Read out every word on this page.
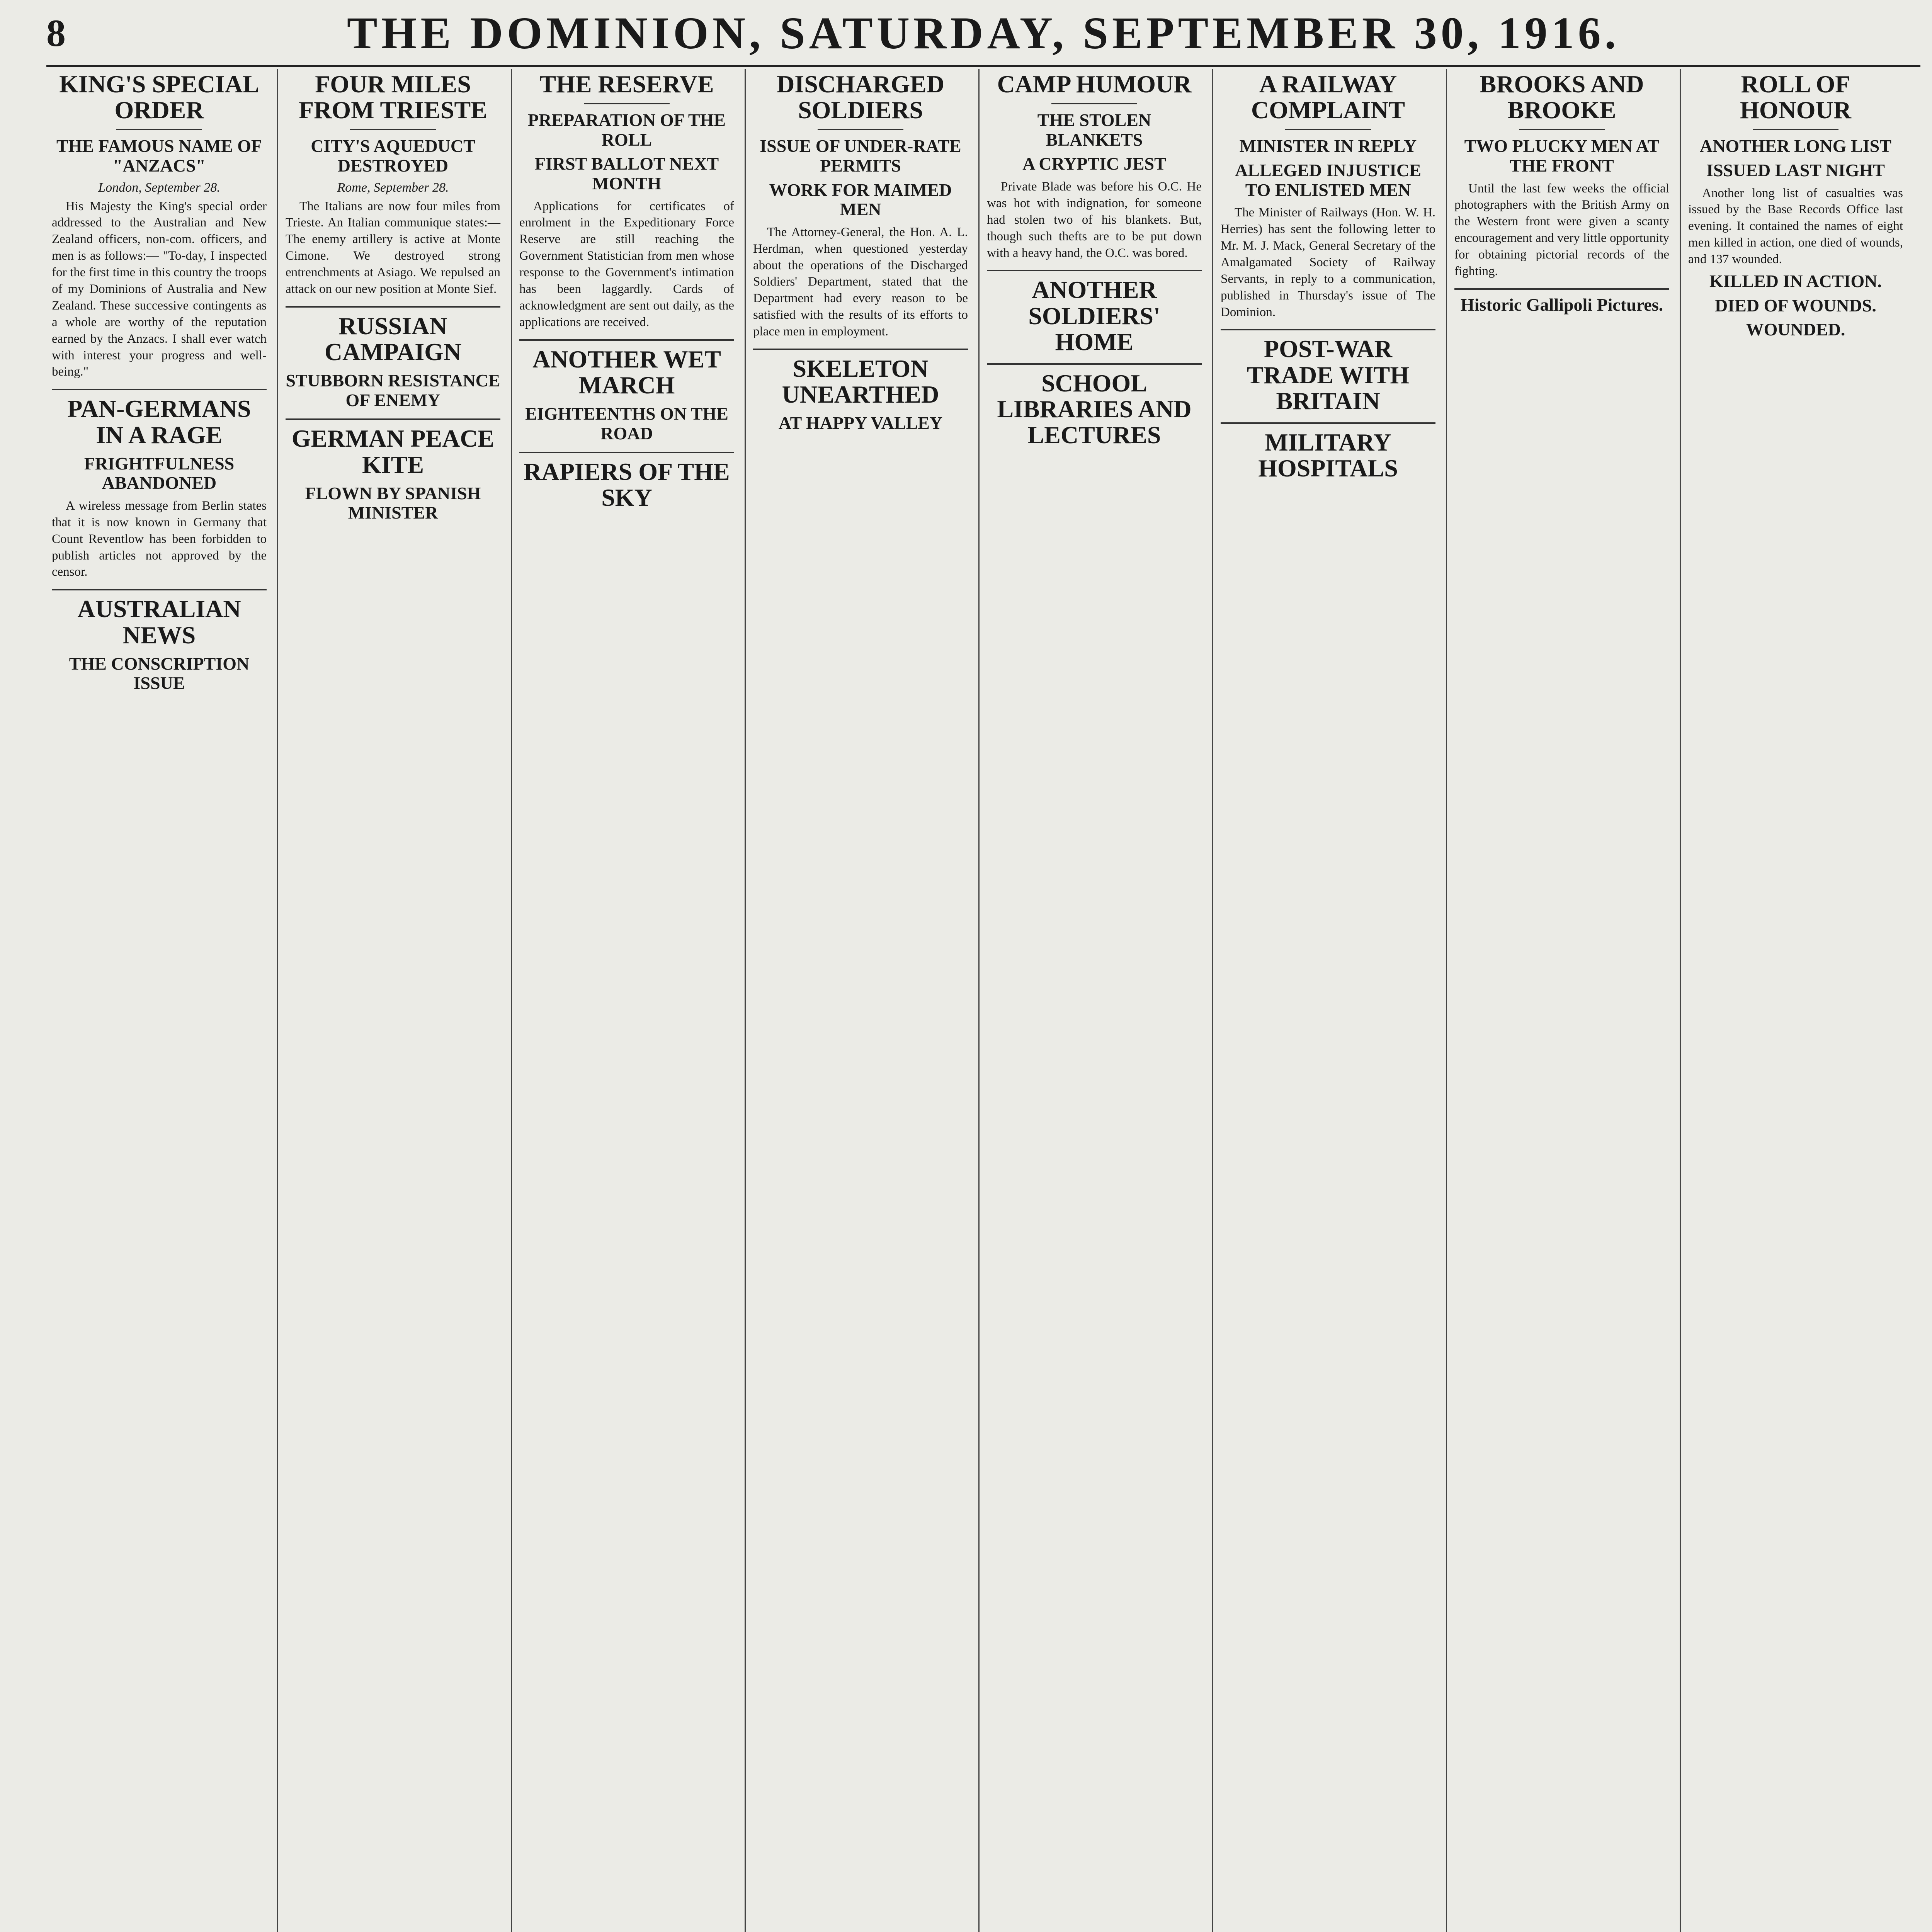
8	THE DOMINION, SATURDAY, SEPTEMBER 30, 1916.
KING'S SPECIAL ORDER
THE FAMOUS NAME OF "ANZACS"
London, September 28.

His Majesty the King's special order addressed to the Australian and New Zealand officers, non-com. officers, and men is as follows:— "To-day, I inspected for the first time in this country the troops of my Dominions of Australia and New Zealand. These successive contingents as a whole are worthy of the reputation earned by the Anzacs. I shall ever watch with interest your progress and well-being."

PAN-GERMANS IN A RAGE
FRIGHTFULNESS ABANDONED

A wireless message from Berlin states that it is now known in Germany that Count Reventlow has been forbidden to publish articles not approved by the censor.

AUSTRALIAN NEWS
THE CONSCRIPTION ISSUE
FOUR MILES FROM TRIESTE
CITY'S AQUEDUCT DESTROYED
Rome, September 28.

The Italians are now four miles from Trieste. An Italian communique states:—The enemy artillery is active at Monte Cimone. We destroyed strong entrenchments at Asiago. We repulsed an attack on our new position at Monte Sief.

RUSSIAN CAMPAIGN
STUBBORN RESISTANCE OF ENEMY
GERMAN PEACE KITE
FLOWN BY SPANISH MINISTER
THE RESERVE
PREPARATION OF THE ROLL
FIRST BALLOT NEXT MONTH

Applications for certificates of enrolment in the Expeditionary Force Reserve are still reaching the Government Statistician from men whose response to the Government's intimation has been laggardly. Cards of acknowledgment are sent out daily, as the applications are received.

ANOTHER WET MARCH
EIGHTEENTHS ON THE ROAD
RAPIERS OF THE SKY
DISCHARGED SOLDIERS
ISSUE OF UNDER-RATE PERMITS
WORK FOR MAIMED MEN

The Attorney-General, the Hon. A. L. Herdman, when questioned yesterday about the operations of the Discharged Soldiers' Department, stated that the Department had every reason to be satisfied with the results of its efforts to place men in employment.

SKELETON UNEARTHED
AT HAPPY VALLEY
CAMP HUMOUR
THE STOLEN BLANKETS
A CRYPTIC JEST

Private Blade was before his O.C. He was hot with indignation, for someone had stolen two of his blankets. But, though such thefts are to be put down with a heavy hand, the O.C. was bored.

ANOTHER SOLDIERS' HOME
SCHOOL LIBRARIES AND LECTURES
A RAILWAY COMPLAINT
MINISTER IN REPLY
ALLEGED INJUSTICE TO ENLISTED MEN

The Minister of Railways (Hon. W. H. Herries) has sent the following letter to Mr. M. J. Mack, General Secretary of the Amalgamated Society of Railway Servants, in reply to a communication, published in Thursday's issue of The Dominion.

POST-WAR TRADE WITH BRITAIN
MILITARY HOSPITALS
BROOKS AND BROOKE
TWO PLUCKY MEN AT THE FRONT

Until the last few weeks the official photographers with the British Army on the Western front were given a scanty encouragement and very little opportunity for obtaining pictorial records of the fighting.

Historic Gallipoli Pictures.
ROLL OF HONOUR
ANOTHER LONG LIST
ISSUED LAST NIGHT

Another long list of casualties was issued by the Base Records Office last evening. It contained the names of eight men killed in action, one died of wounds, and 137 wounded.

KILLED IN ACTION.
DIED OF WOUNDS.
WOUNDED.
